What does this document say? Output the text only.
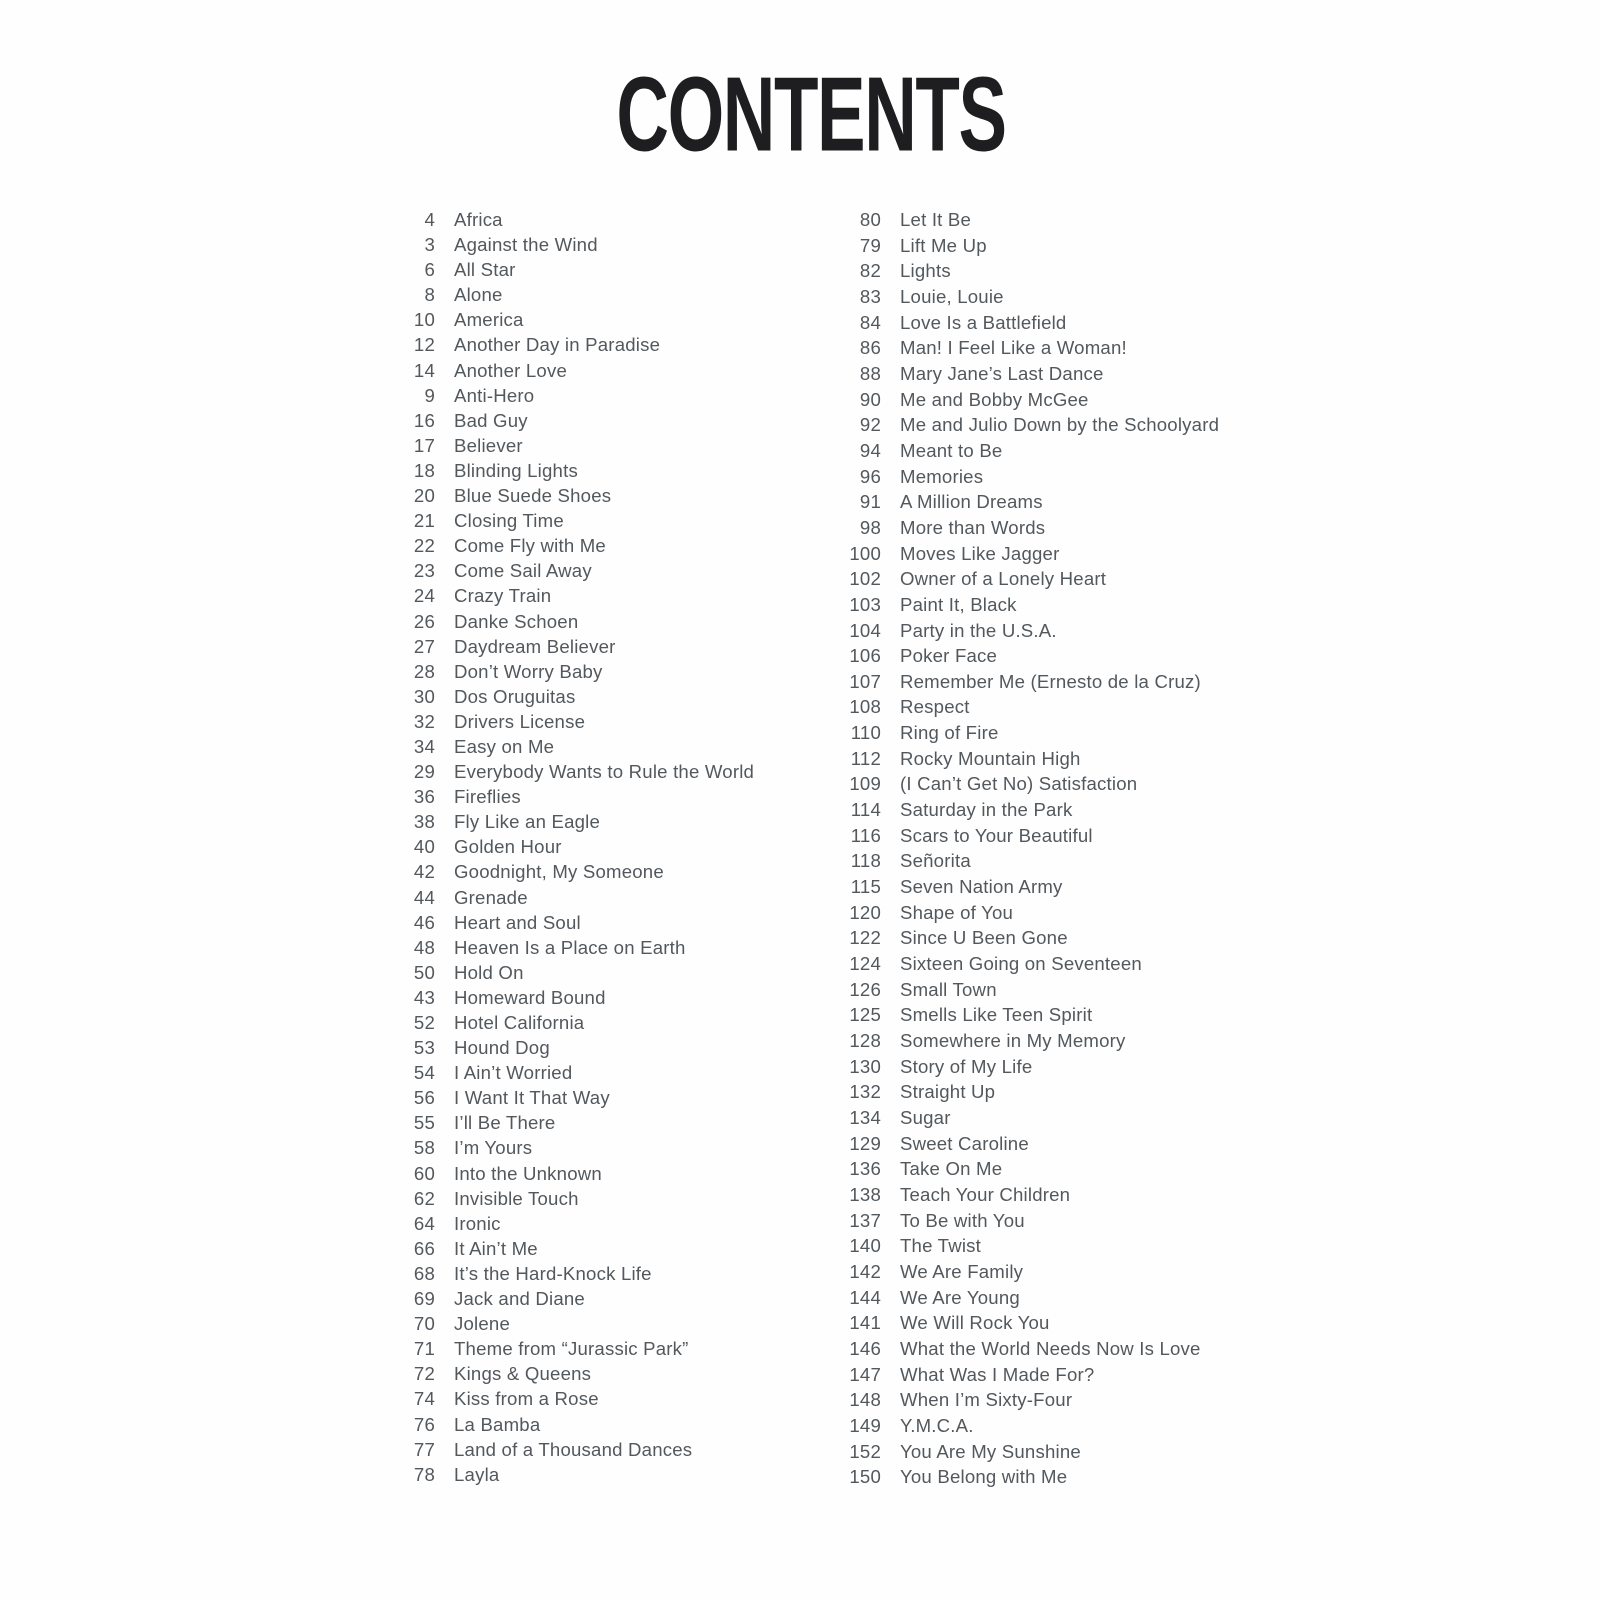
CONTENTS
4 Africa
3 Against the Wind
6 All Star
8 Alone
10 America
12 Another Day in Paradise
14 Another Love
9 Anti-Hero
16 Bad Guy
17 Believer
18 Blinding Lights
20 Blue Suede Shoes
21 Closing Time
22 Come Fly with Me
23 Come Sail Away
24 Crazy Train
26 Danke Schoen
27 Daydream Believer
28 Don’t Worry Baby
30 Dos Oruguitas
32 Drivers License
34 Easy on Me
29 Everybody Wants to Rule the World
36 Fireflies
38 Fly Like an Eagle
40 Golden Hour
42 Goodnight, My Someone
44 Grenade
46 Heart and Soul
48 Heaven Is a Place on Earth
50 Hold On
43 Homeward Bound
52 Hotel California
53 Hound Dog
54 I Ain’t Worried
56 I Want It That Way
55 I’ll Be There
58 I’m Yours
60 Into the Unknown
62 Invisible Touch
64 Ironic
66 It Ain’t Me
68 It’s the Hard-Knock Life
69 Jack and Diane
70 Jolene
71 Theme from “Jurassic Park”
72 Kings & Queens
74 Kiss from a Rose
76 La Bamba
77 Land of a Thousand Dances
78 Layla
80 Let It Be
79 Lift Me Up
82 Lights
83 Louie, Louie
84 Love Is a Battlefield
86 Man! I Feel Like a Woman!
88 Mary Jane’s Last Dance
90 Me and Bobby McGee
92 Me and Julio Down by the Schoolyard
94 Meant to Be
96 Memories
91 A Million Dreams
98 More than Words
100 Moves Like Jagger
102 Owner of a Lonely Heart
103 Paint It, Black
104 Party in the U.S.A.
106 Poker Face
107 Remember Me (Ernesto de la Cruz)
108 Respect
110 Ring of Fire
112 Rocky Mountain High
109 (I Can’t Get No) Satisfaction
114 Saturday in the Park
116 Scars to Your Beautiful
118 Señorita
115 Seven Nation Army
120 Shape of You
122 Since U Been Gone
124 Sixteen Going on Seventeen
126 Small Town
125 Smells Like Teen Spirit
128 Somewhere in My Memory
130 Story of My Life
132 Straight Up
134 Sugar
129 Sweet Caroline
136 Take On Me
138 Teach Your Children
137 To Be with You
140 The Twist
142 We Are Family
144 We Are Young
141 We Will Rock You
146 What the World Needs Now Is Love
147 What Was I Made For?
148 When I’m Sixty-Four
149 Y.M.C.A.
152 You Are My Sunshine
150 You Belong with Me
